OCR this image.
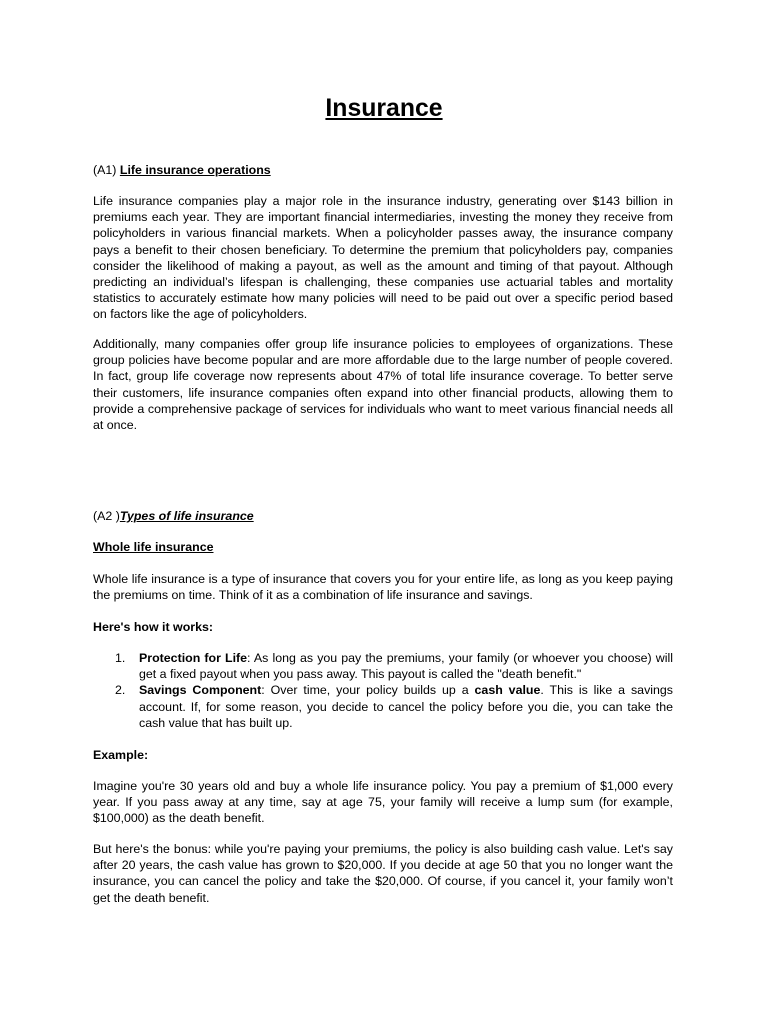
Insurance

(A1) Life insurance operations

Life insurance companies play a major role in the insurance industry, generating over $143 billion in premiums each year. They are important financial intermediaries, investing the money they receive from policyholders in various financial markets. When a policyholder passes away, the insurance company pays a benefit to their chosen beneficiary. To determine the premium that policyholders pay, companies consider the likelihood of making a payout, as well as the amount and timing of that payout. Although predicting an individual’s lifespan is challenging, these companies use actuarial tables and mortality statistics to accurately estimate how many policies will need to be paid out over a specific period based on factors like the age of policyholders.

Additionally, many companies offer group life insurance policies to employees of organizations. These group policies have become popular and are more affordable due to the large number of people covered. In fact, group life coverage now represents about 47% of total life insurance coverage. To better serve their customers, life insurance companies often expand into other financial products, allowing them to provide a comprehensive package of services for individuals who want to meet various financial needs all at once.

(A2 )Types of life insurance

Whole life insurance

Whole life insurance is a type of insurance that covers you for your entire life, as long as you keep paying the premiums on time. Think of it as a combination of life insurance and savings.

Here's how it works:

1. Protection for Life: As long as you pay the premiums, your family (or whoever you choose) will get a fixed payout when you pass away. This payout is called the "death benefit."
2. Savings Component: Over time, your policy builds up a cash value. This is like a savings account. If, for some reason, you decide to cancel the policy before you die, you can take the cash value that has built up.

Example:

Imagine you're 30 years old and buy a whole life insurance policy. You pay a premium of $1,000 every year. If you pass away at any time, say at age 75, your family will receive a lump sum (for example, $100,000) as the death benefit.

But here's the bonus: while you're paying your premiums, the policy is also building cash value. Let's say after 20 years, the cash value has grown to $20,000. If you decide at age 50 that you no longer want the insurance, you can cancel the policy and take the $20,000. Of course, if you cancel it, your family won’t get the death benefit.
